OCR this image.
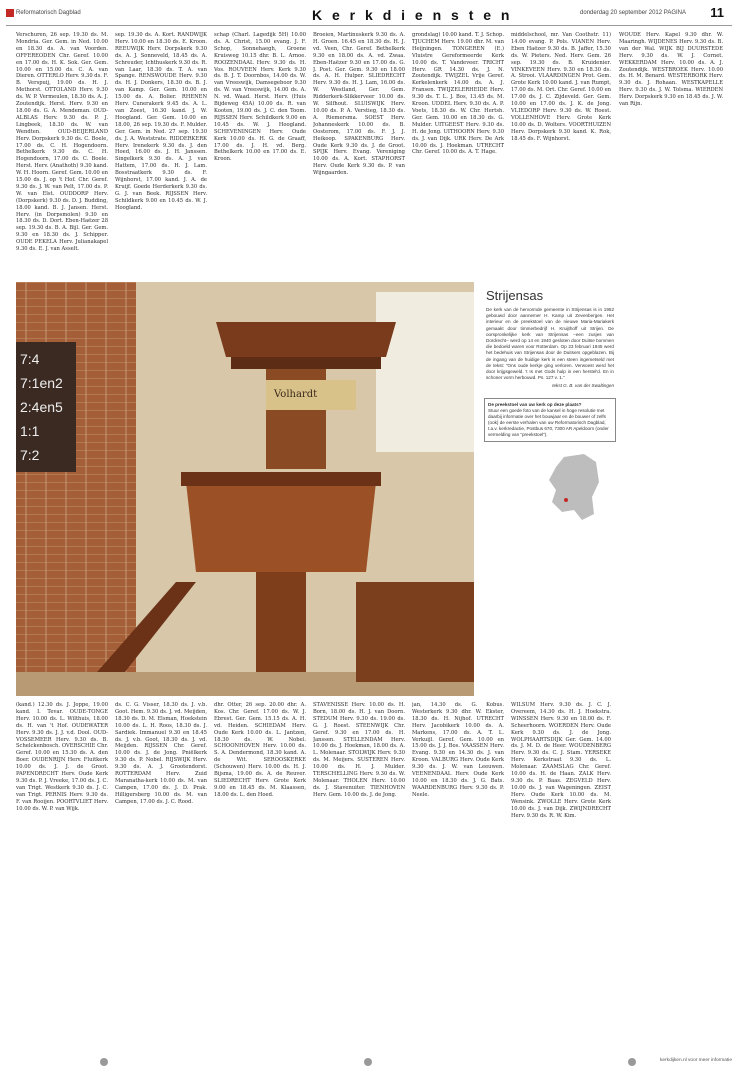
Reformatorisch Dagblad	K e r k d i e n s t e n	donderdag 20 september 2012 PAGINA 11

Verschuren, 26 sep. 19.30 ds. M. Mondria. Ger. Gem. in Ned. 10.00 en 18.30 ds. A. van Voorden. OFFEREODEN Chr. Geref. 10.00 en 17.00 ds. H. K. Sok. Ger. Gem. 10.00 en 15.00 ds. C. A. van Dieren. OTTERLO Herv. 9.30 ds. F. B. Verspuij, 19.00 ds. H. J. Methorst. OTTOLAND Herv. 9.30 ds. W. P. Vermeulen, 18.30 ds. A. J. Zoutendijk. Herst. Herv. 9.30 en 18.00 ds. G. A. Mendeman. OUD-ALBLAS Herv. 9.30 ds. P. J. Lingbeek, 18.30 ds. W. van Wendten. OUD-BEIJERLAND Herv. Dorpskerk 9.30 ds. C. Boele, 17.00 ds. C. H. Hogendoorn. Bethelkerk 9.30 ds. C. H. Hogendoorn, 17.00 ds. C. Boele. Herst. Herv. (Anathoth) 9.30 kand. W. H. Hoorn. Geref. Gem. 10.00 en 15.00 ds. J. op 't Hof. Chr. Geref. 9.30 ds. J. W. van Pelt, 17.00 ds. P. W. van Elst. OUDDORP Herv. (Dorpskerk) 9.30 ds. D. J. Budding, 18.00 kand. B. J. Jansen. Herst. Herv. (in Dorpsmolen) 9.30 en 18.30 ds. D. Dort. Eben-Haëzer 28 sep. 19.30 ds. B. A. Bijl. Ger. Gem. 9.30 en 18.30 ds. J. Schipper. OUDE PEKELA Herv. Julianakapel 9.30 ds. E. J. van Asselt.

sep. 19.30 ds. A. Kort. RANDWIJK Herv. 10.00 en 18.30 ds. E. Kroon. REEUWIJK Herv. Dorpskerk 9.30 ds. A. J. Sonneveld, 18.45 ds. A. Schreuder, Ichthuskerk 9.30 ds. R. van Laar, 18.30 ds. T. A. van Spange. RENSWOUDE Herv. 9.30 ds. H. J. Donkers, 18.30 ds. B. J. van Kamp. Ger. Gem. 10.00 en 15.00 ds. A. Bolier. RHENEN Herv. Cunerakerk 9.45 ds. A. L. van Zoest, 16.30 kand. J. W. Hoogland. Ger. Gem. 10.00 en 18.00, 26 sep. 19.30 ds. F. Mulder. Ger. Gem. in Ned. 27 sep. 19.30 ds. J. A. Weststrate. RIDDERKERK Herv. Irenekerk 9.30 ds. J. den Hoed, 16.00 ds. J. H. Janssen. Singelkerk 9.30 ds. A. J. van Hattem, 17.00 ds. H. J. Lam. Bosstraatkerk 9.30 ds. F. Wijnhorst, 17.00 kand. J. A. de Kruijf. Goede Herderkerk 9.30 ds. G. J. van Beek. RIJSSEN Herv. Schildkerk 9.00 en 10.45 ds. W. J. Hoogland.

schap (Charl. Lagedijk 5H) 10.00 ds. A. Christ, 15.00 evang. J. F. Schop, Sonnehaegh, Groene Kruisweg 10.15 dhr. B. L. Arnoe. ROOZENDAAL Herv. 9.30 ds. H. Vos. ROUVEEN Herv. Kerk 9.30 ds. B. J. T. Doornbos, 14.00 ds. W. van Vreeswijk, Damsegeboor 9.30 ds. W. van Vreeswijk, 14.00 ds. A. N. vd. Waad. Herst. Herv. (Huis Bijdeweg 45A) 10.00 ds. R. van Kooten, 19.00 ds. J. C. den Toom. RIJSSEN Herv. Schildkerk 9.00 en 10.45 ds. W. J. Hoogland. SCHEVENINGEN Herv. Oude Kerk 10.00 ds. H. G. de Graaff, 17.00 ds. J. H. vd. Berg. Bethelkerk 10.00 en 17.00 ds. E. Kroon.

Broeien, Martinuskerk 9.30 ds. A. H. Groen. 16.45 en 18.30 ds. H. J. vd. Veen, Chr. Geref. Bethelkerk 9.30 en 18.00 ds. A. vd. Zwaa. Eben-Haëzer 9.30 en 17.00 ds. G. J. Post. Ger. Gem. 9.30 en 18.00 ds. A. H. Hulper. SLIEDRECHT Herv. 9.30 ds. H. J. Lam, 16.00 ds. W. Westland, Ger. Gem. Ridderkerk-Slikkerveer 10.00 ds. W. Silfhout. SLUISWIJK Herv. 10.00 ds. P. A. Verstieg, 18.30 ds. A. Riemersma. SOEST Herv. Johanneskerk 10.00 ds. B. Oosterom, 17.00 ds. F. J. J. Heikoop. SPAKENBURG Herv. Oude Kerk 9.30 ds. J. de Groot. SPIJK Herv. Evang. Vereniging 10.00 ds. A. Kort. STAPHORST Herv. Oude Kerk 9.30 ds. P. van Wijngaarden.

grondslag) 10.00 kand. T. J. Schop. TJUCHEM Herv. 19.00 dhr. M. van Heijningen. TONGEREN (E.) Vluistre Gereformeerde Kerk 10.00 ds. T. Vandeveer. TRICHT Herv. GR 14.30 ds. J. N. Zoutendijk. TWIJZEL Vrije Geref. Kerkelenkerk 14.00 ds. A. J. Fransen. TWIJZELERHEIDE Herv. 9.30 ds. T. L. J. Bos, 13.45 ds. M. Kroon. UDDEL Herv. 9.30 ds. A. P. Voets, 18.30 ds. W. Chr. Hertsh. Ger. Gem. 10.00 en 18.30 ds. G. Mulder. UITGEEST Herv. 9.30 ds. H. de Jong. UITHOORN Herv. 9.30 ds. J. van Dijk. URK Herv. De Ark 10.00 ds. J. Hoekman. UTRECHT Chr. Geref. 10.00 ds. A. T. Hage.

middelschool, mr. Van Coothstr. 11) 14.00 evang. P. Pols. VIANEN Herv. Eben Haëzer 9.30 ds. B. Jaffer, 15.30 ds. W. Pieters. Ned. Herv. Gem. 26 sep. 19.30 ds. B. Kruidenier. VINKEVEEN Herv. 9.30 en 18.30 ds. A. Strooi. VLAARDINGEN Prot. Gem. Grote Kerk 10.00 kand. J. van Rumpt, 17.00 ds. M. Ort. Chr. Geref. 10.00 en 17.00 ds. J. C. Zijdeveld. Ger. Gem. 10.00 en 17.00 ds. J. K. de Jong. VLIEDORP Herv. 9.30 ds. W. Roest. VOLLENHOVE Herv. Grote Kerk 10.00 ds. D. Wolters. VOORTHUIZEN Herv. Dorpskerk 9.30 kand. K. Rok, 18.45 ds. F. Wijnhorst.

WOUDE Herv. Kapel 9.30 dhr. W. Maaringh. WIJDENES Herv. 9.30 ds. B. van der Wal. WIJK BIJ DUURSTEDE Herv. 9.30 ds. W. J. Cornet. WEKKERDAM Herv. 10.00 ds. A. J. Zoutendijk. WESTBROEK Herv. 10.00 ds. H. M. Benard. WESTERBORK Herv. 9.30 ds. J. Rohaan. WESTKAPELLE Herv. 9.30 ds. J. W. Tolsma. WIERDEN Herv. Dorpskerk 9.30 en 18.45 ds. J. W. van Rijn.

7:4
7:1en2
2:4en5
1:1
7:2
Volhardt
Strijensas
De kerk van de hervormde gemeente in Strijensas is in 1952 gebouwd door aannemer H. Kamp uit Zevenbergen. Het interieur en de preekstoel van de nieuwe Maria-Mariakerk gemaakt door timmerbedrijf H. Kruijthoff uit Strijen. De oorspronkelijke kerk van Strijensas –een zusjes van Dordrecht– werd op 14 en 1940 gesloten door Duitse bommen die bedoeld waren voor Rotterdam. Op 23 februari 1945 werd het bedehuis van Strijensas door de Duitsers opgeblazen. Bij de ingang van de huidige kerk is een steen ingemetseld met de tekst: “Ons oude kerkje ging verloren. Verwoest werd het door krijgsgeweld. 't Is met Gods hulp in een herstel'd. En in schoner vorm herbouwd. Ps. 127 v. 1.”
tekst G. B. van der Swaltingen
De preekstoel van uw kerk op deze plaats?
Stuur een goede foto van de kansel in hoge resolutie met daarbij informatie over het bouwjaar en de bouwer of zelfs (ook) de eerste verhalen van uw Reformatorisch Dagblad, t.a.v. kerkredactie, Postbus 670, 7300 AR Apeldoorn (onder vermelding van “preekstoel”).

(kand.) 12.30 ds. J. Joppe, 19.00 kand. I. Tevar. OUDE-TONGE Herv. 10.00 ds. L. Wilthuis, 18.00 ds. H. van 't Hof. OUDEWATER Herv. 9.30 ds. J. J. v.d. Dool. OUD-VOSSEMEER Herv. 9.30 ds. B. Schelckenbosch. OVERSCHIE Chr. Geref. 10.00 en 15.30 ds. A. den Boer. OUDENRIJN Herv. Fluitkerk 10.00 ds. J. J. de Groot. PAPENDRECHT Herv. Oude Kerk 9.30 ds. P. J. Vreeke, 17.00 ds. J. C. van Trigt. Westkerk 9.30 ds. J. C. van Trigt. PERNIS Herv. 9.30 ds. F. van Rooijen. POORTVLIET Herv. 10.00 ds. W. P. van Wijk.

ds. C. G. Visser, 18.30 ds. J. v.b. Goot. Hem. 9.30 ds. J. vd. Meijden, 18.30 ds. D. M. Elsman, Hoekstein 10.00 ds. L. H. Roos, 18.30 ds. J. Sardiek. Immanuel 9.30 en 18.45 ds. J. v.b. Goot, 18.30 ds. J. vd. Meijden. RIJSSEN Chr. Geref. 10.00 ds. J. de Jong. Pniëlkerk 9.30 ds. P. Nobel. RIJSWIJK Herv. 9.30 ds. A. J. Grootendorst. ROTTERDAM Herv. Zuid Maranatha-kerk 10.00 ds. M. van Campen, 17.00 ds. J. D. Prak. Hilligersberg 10.00 ds. M. van Campen, 17.00 ds. J. C. Rood.

dhr. Otter, 26 sep. 20.00 dhr. A. Kos. Chr. Geref. 17.00 ds. W. J. Ebrest. Ger. Gem. 15.15 ds. A. H. vd. Heiden. SCHIEDAM Herv. Oude Kerk 10.00 ds. L. Jantzen, 18.30 ds. W. Nobel. SCHOONHOVEN Herv. 10.00 ds. S. A. Dendermond, 18.30 kand. A. de Wit. SEROOSKERKE (Schouwen) Herv. 10.00 ds. H. J. Bijsma, 19.00 ds. A. de Reuver. SLIEDRECHT Herv. Grote Kerk 9.00 en 18.45 ds. M. Klaassen, 18.00 ds. L. den Hoed.

STAVENISSE Herv. 10.00 ds. H. Born, 18.00 ds. H. J. van Doorn. STEDUM Herv. 9.30 ds. 19.00 ds. G. J. Roest. STEENWIJK Chr. Geref. 9.30 en 17.00 ds. H. Janssen. STELLENDAM Herv. 10.00 ds. J. Hoekman, 18.00 ds. A. L. Molenaar. STOLWIJK Herv. 9.30 ds. M. Meijers. SUSTEREN Herv. 10.00 ds. H. J. Mulder. TERSCHELLING Herv. 9.30 ds. W. Molenaar. THOLEN Herv. 10.00 ds. J. Stavenuiter. TIENHOVEN Herv. Gem. 10.00 ds. J. de Jong.

jan, 14.30 ds. G. Kobus. Westerkerk 9.30 dhr. W. Ekster, 18.30 ds. H. Nijhof. UTRECHT Herv. Jacobikerk 10.00 ds. A. Markens, 17.00 ds. A. T. L. Verkuijl. Geref. Gem. 10.00 en 15.00 ds. J. J. Bos. VAASSEN Herv. Evang. 9.30 en 14.30 ds. J. van Kroon. VALBURG Herv. Oude Kerk 9.30 ds. J. W. van Leeuwen. VEENENDAAL Herv. Oude Kerk 10.00 en 18.30 ds. J. G. Bats. WAARDENBURG Herv. 9.30 ds. P. Neele.

WILSUM Herv. 9.30 ds. J. C. J. Overeem, 14.30 ds. H. J. Hoekstra. WINSSEN Herv. 9.30 en 18.00 ds. F. Scheerhoorn. WOERDEN Herv. Oude Kerk 9.30 ds. J. de Jong. WOLPHAARTSDIJK Ger. Gem. 14.00 ds. J. M. D. de Heer. WOUDENBERG Herv. 9.30 ds. C. J. Stam. YERSEKE Herv. Kerkstraat 9.30 ds. L. Molenaar. ZAAMSLAG Chr. Geref. 10.00 ds. H. de Haan. ZALK Herv. 9.30 ds. P. Baas. ZEGVELD Herv. 10.00 ds. J. van Wageningen. ZEIST Herv. Oude Kerk 10.00 ds. M. Wensink. ZWOLLE Herv. Grote Kerk 10.00 ds. J. van Dijk. ZWIJNDRECHT Herv. 9.30 ds. R. W. Kim.

kerkdijken.nl voor meer informatie
